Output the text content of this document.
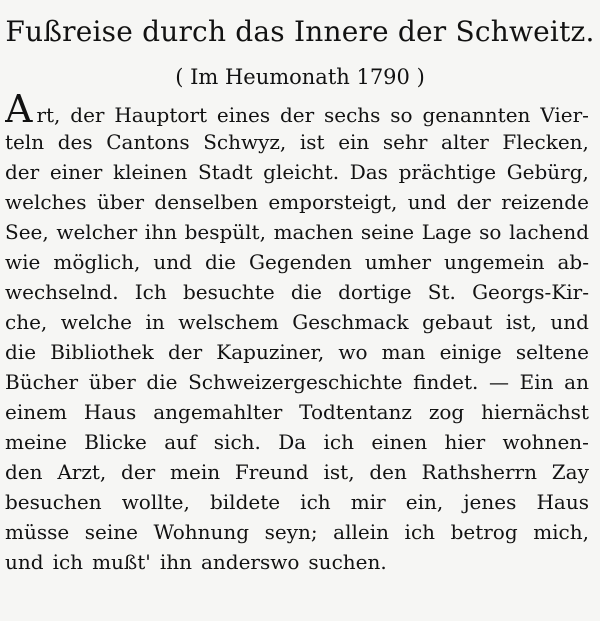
Fußreise durch das Innere der Schweitz.
( Im Heumonath 1790 )
Art, der Hauptort eines der sechs so genannten Vier-
teln des Cantons Schwyz, ist ein sehr alter Flecken,
der einer kleinen Stadt gleicht. Das prächtige Gebürg,
welches über denselben emporsteigt, und der reizende
See, welcher ihn bespült, machen seine Lage so lachend
wie möglich, und die Gegenden umher ungemein ab-
wechselnd. Ich besuchte die dortige St. Georgs-Kir-
che, welche in welschem Geschmack gebaut ist, und
die Bibliothek der Kapuziner, wo man einige seltene
Bücher über die Schweizergeschichte findet. — Ein an
einem Haus angemahlter Todtentanz zog hiernächst
meine Blicke auf sich. Da ich einen hier wohnen-
den Arzt, der mein Freund ist, den Rathsherrn Zay
besuchen wollte, bildete ich mir ein, jenes Haus
müsse seine Wohnung seyn; allein ich betrog mich,
und ich mußt' ihn anderswo suchen.
